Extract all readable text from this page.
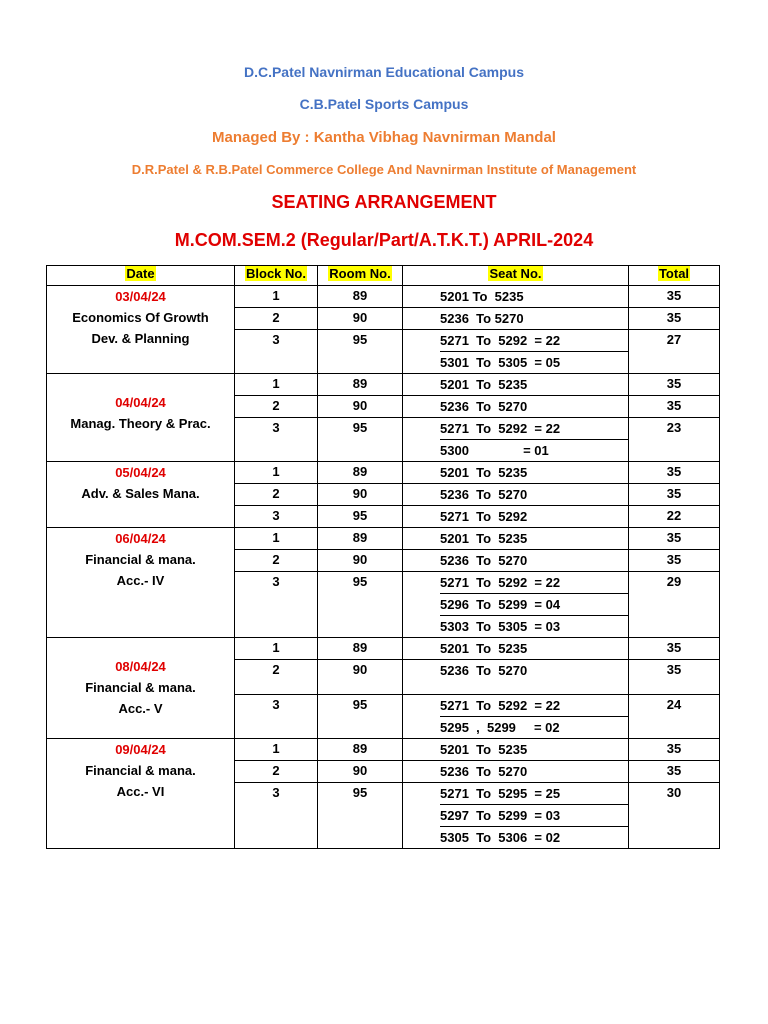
D.C.Patel Navnirman Educational Campus
C.B.Patel Sports Campus
Managed By : Kantha Vibhag Navnirman Mandal
D.R.Patel & R.B.Patel Commerce College And Navnirman Institute of Management
SEATING ARRANGEMENT
M.COM.SEM.2 (Regular/Part/A.T.K.T.) APRIL-2024
Date	Block No.	Room No.	Seat No.	Total

03/04/24
Economics Of Growth
Dev. & Planning	1	89	5201 To  5235	35
	2	90	5236  To 5270	35
	3	95	5271  To  5292  = 22
5301  To  5305  = 05	27

04/04/24
Manag. Theory & Prac.	1	89	5201  To  5235	35
	2	90	5236  To  5270	35
	3	95	5271  To  5292  = 22
5300               = 01	23

05/04/24
Adv. & Sales Mana.	1	89	5201  To  5235	35
	2	90	5236  To  5270	35
	3	95	5271  To  5292	22

06/04/24
Financial & mana.
Acc.- IV	1	89	5201  To  5235	35
	2	90	5236  To  5270	35
	3	95	5271  To  5292  = 22
5296  To  5299  = 04
5303  To  5305  = 03	29

08/04/24
Financial & mana.
Acc.- V	1	89	5201  To  5235	35
	2	90	5236  To  5270	35
	3	95	5271  To  5292  = 22
5295  ,  5299     = 02	24

09/04/24
Financial & mana.
Acc.- VI	1	89	5201  To  5235	35
	2	90	5236  To  5270	35
	3	95	5271  To  5295  = 25
5297  To  5299  = 03
5305  To  5306  = 02	30
